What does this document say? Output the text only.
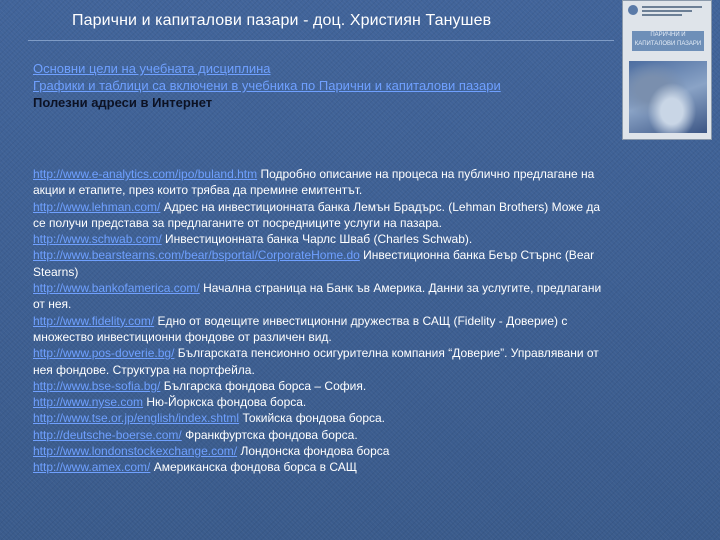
Парични и капиталови пазари - доц. Християн Танушев
ПАРИЧНИ И
КАПИТАЛОВИ ПАЗАРИ
Основни цели на учебната дисциплина
Графики и таблици са включени в учебника по Парични и капиталови пазари
Полезни адреси в Интернет
http://www.e-analytics.com/ipo/buland.htm Подробно описание на процеса на публично предлагане на акции и етапите, през които трябва да премине емитентът.
http://www.lehman.com/ Адрес на инвестиционната банка Лемън Брадърс. (Lehman Brothers) Може да се получи представа за предлаганите от посредниците услуги на пазара.
http://www.schwab.com/ Инвестиционната банка Чарлс Шваб (Charles Schwab).
http://www.bearstearns.com/bear/bsportal/CorporateHome.do Инвестиционна банка Беър Стърнс (Bear Stearns)
http://www.bankofamerica.com/ Начална страница на Банк ъв Америка. Данни за услугите, предлагани от нея.
http://www.fidelity.com/ Едно от водещите инвестиционни дружества в САЩ (Fidelity - Доверие) с множество инвестиционни фондове от различен вид.
http://www.pos-doverie.bg/ Българската пенсионно осигурителна компания “Доверие”. Управлявани от нея фондове. Структура на портфейла.
http://www.bse-sofia.bg/ Българска фондова борса – София.
http://www.nyse.com Ню-Йоркска фондова борса.
http://www.tse.or.jp/english/index.shtml Токийска фондова борса.
http://deutsche-boerse.com/ Франкфуртска фондова борса.
http://www.londonstockexchange.com/ Лондонска фондова борса
http://www.amex.com/ Американска фондова борса в САЩ
